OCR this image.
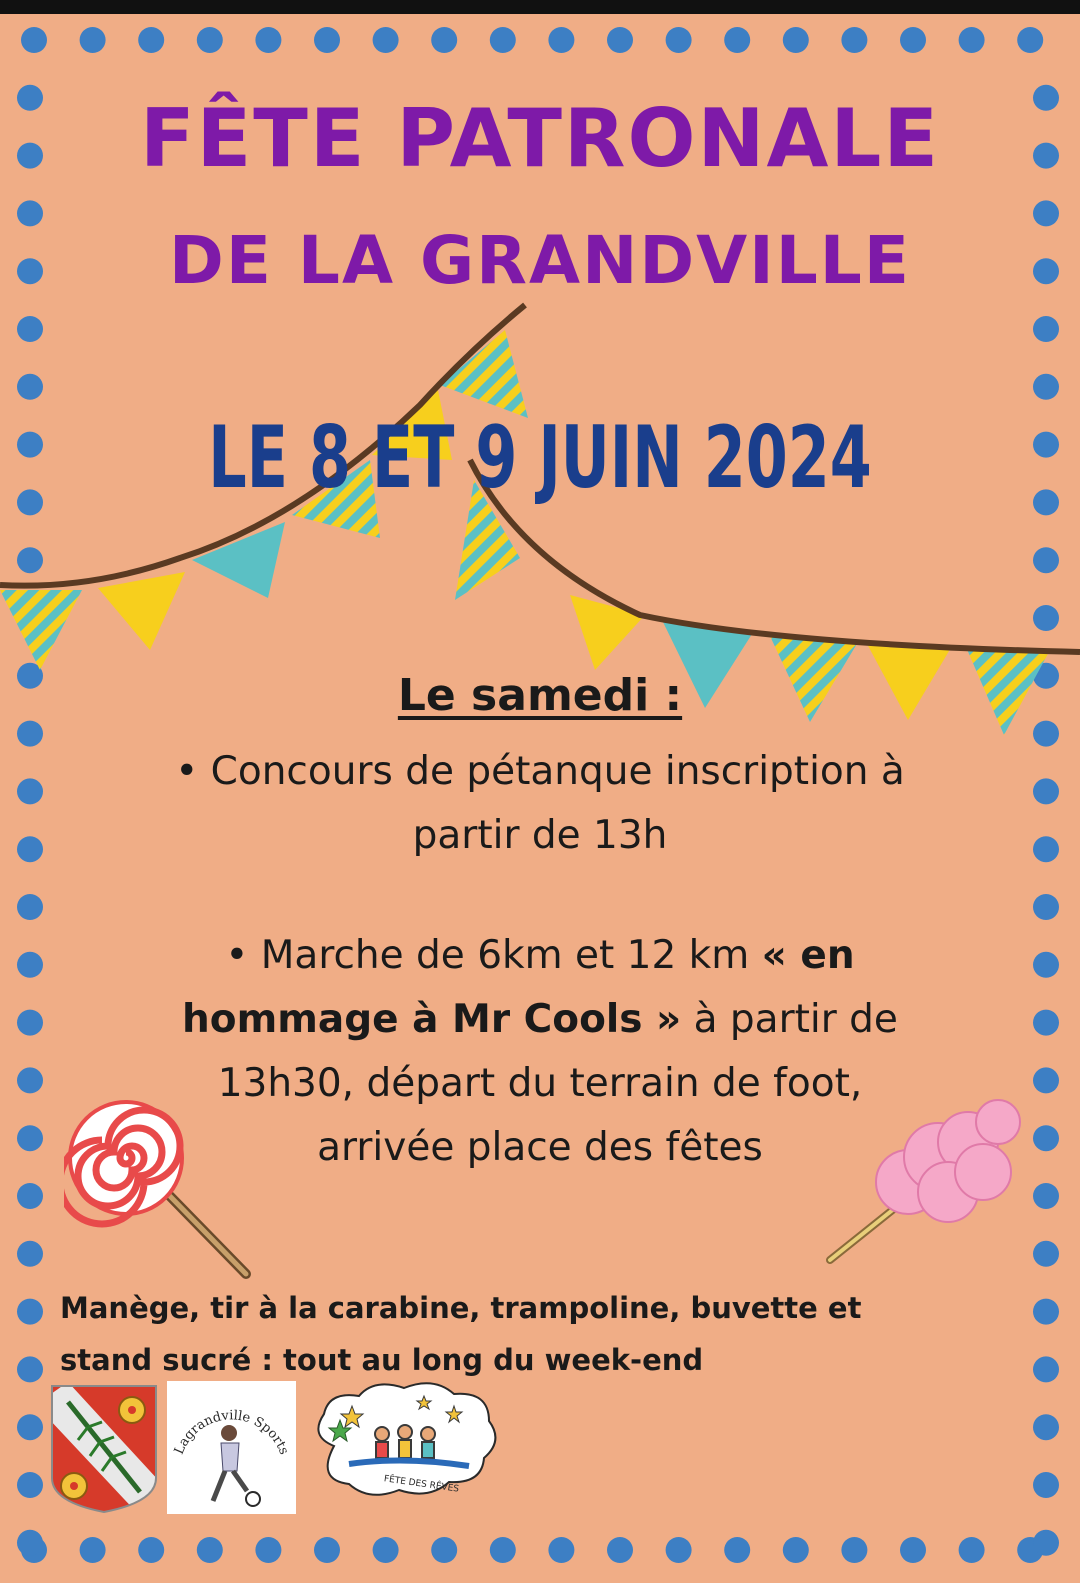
FÊTE PATRONALE
DE LA GRANDVILLE
LE 8 ET 9 JUIN 2024

Le samedi :

• Concours de pétanque inscription à
partir de 13h

• Marche de 6km et 12 km « en
hommage à Mr Cools » à partir de
13h30, départ du terrain de foot,
arrivée place des fêtes

Manège, tir à la carabine, trampoline, buvette et
stand sucré : tout au long du week-end

Lagrandville Sports
FÊTE DES RÊVES
